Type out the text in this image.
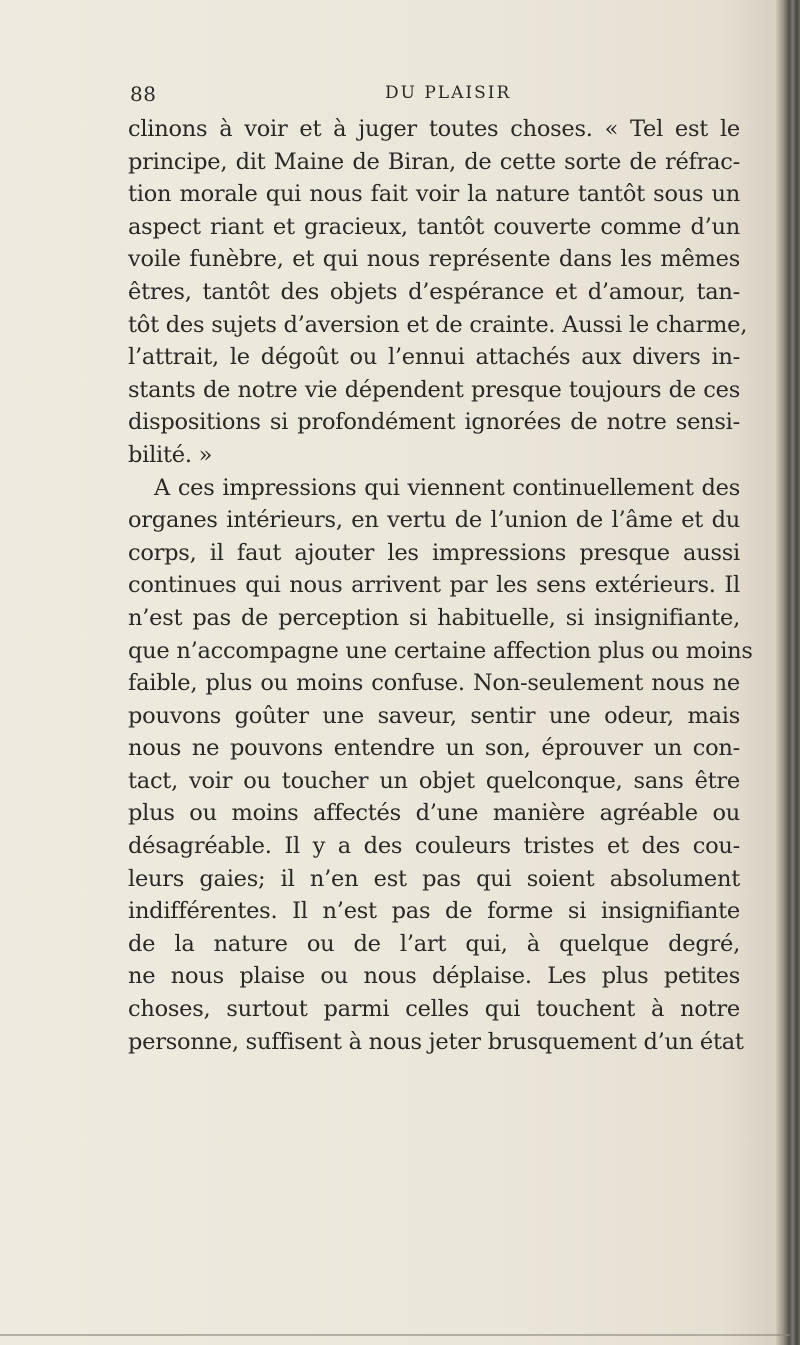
88	DU PLAISIR
clinons à voir et à juger toutes choses. « Tel est le
principe, dit Maine de Biran, de cette sorte de réfrac-
tion morale qui nous fait voir la nature tantôt sous un
aspect riant et gracieux, tantôt couverte comme d’un
voile funèbre, et qui nous représente dans les mêmes
êtres, tantôt des objets d’espérance et d’amour, tan-
tôt des sujets d’aversion et de crainte. Aussi le charme,
l’attrait, le dégoût ou l’ennui attachés aux divers in-
stants de notre vie dépendent presque toujours de ces
dispositions si profondément ignorées de notre sensi-
bilité. »
A ces impressions qui viennent continuellement des
organes intérieurs, en vertu de l’union de l’âme et du
corps, il faut ajouter les impressions presque aussi
continues qui nous arrivent par les sens extérieurs. Il
n’est pas de perception si habituelle, si insignifiante,
que n’accompagne une certaine affection plus ou moins
faible, plus ou moins confuse. Non-seulement nous ne
pouvons goûter une saveur, sentir une odeur, mais
nous ne pouvons entendre un son, éprouver un con-
tact, voir ou toucher un objet quelconque, sans être
plus ou moins affectés d’une manière agréable ou
désagréable. Il y a des couleurs tristes et des cou-
leurs gaies; il n’en est pas qui soient absolument
indifférentes. Il n’est pas de forme si insignifiante
de la nature ou de l’art qui, à quelque degré,
ne nous plaise ou nous déplaise. Les plus petites
choses, surtout parmi celles qui touchent à notre
personne, suffisent à nous jeter brusquement d’un état
